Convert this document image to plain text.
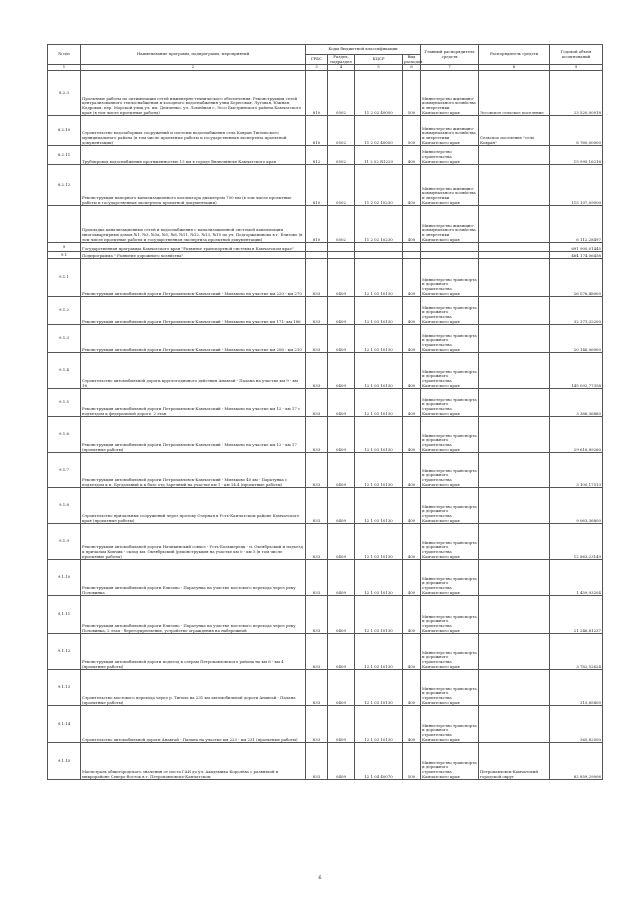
№ п/п	Наименование программ, подпрограмм, мероприятий	Коды бюджетной классификации				Главный распорядитель средств	Распорядитель средств	Годовой объем ассигнований
		ГРБС	Раздел, подраздел	КЦСР	Вид расходов			
1	2	3	4	5	6	7	8	9
8.2.3	Проектные работы по оптимизации сетей инженерно-технического обеспечения. Реконструкция сетей централизованного теплоснабжения и холодного водоснабжения улиц Береговая, Луговая, Южная, Кедровая, пер. Морской улиц ул. им. Демченко, ул. Ломейная с. Эссо Быстринского района Камчатского края (в том числе проектные работы)	810	0502	11 2 02 40050	500	Министерство жилищно-коммунального хозяйства и энергетики Камчатского края	Эссовское сельское поселение	23 520,00018
8.2.10	Строительство водозаборных сооружений и системы водоснабжения села Ковран Тигильского муниципального района (в том числе проектные работы и государственная экспертиза проектной документации)	810	0502	11 2 02 40050	500	Министерство жилищно-коммунального хозяйства и энергетики Камчатского края	Сельское поселение "село Ковран"	8 760,00000
8.2.11	Трубопровод водоснабжения протяженностью 13 км в городе Вилючинске Камчатского края	812	0502	11 2 02 R1220	400	Министерство строительства Камчатского края		15 995,16216
8.2.12	Реконструкция напорного канализационного коллектора диаметром 700 мм (в том числе проектные работы и государственная экспертиза проектной документации)	810	0502	11 2 02 10230	400	Министерство жилищно-коммунального хозяйства и энергетики Камчатского края		115 107,09000
	Прокладка канализационных сетей и водоснабжения с канализационной системой канализации многоквартирных домов №1, №3, №3а, №5, №8, №11, №12, №13, №15 по ул. Подгоржанинова в г. Елизово (в том числе проектные работы и государственная экспертиза проектной документации)	810	0502	11 2 02 10230	400	Министерство жилищно-коммунального хозяйства и энергетики Камчатского края		6 112,28497
9	Государственная программа Камчатского края "Развитие транспортной системы в Камчатском крае"							691 900,01445
9.1	Подпрограмма " Развитие дорожного хозяйства"							464 174,06458
9.1.1	Реконструкция автомобильной дороги Петропавловск-Камчатский - Мильково на участке км 220 - км 270	833	0409	12 1 03 10130	400	Министерство транспорта и дорожного строительства Камчатского края		26 076,48000
9.1.2	Реконструкция автомобильной дороги Петропавловск-Камчатский - Мильково на участке км 171- км 186	833	0409	12 1 03 10130	400	Министерство транспорта и дорожного строительства Камчатского края		32 371,32200
9.1.3	Реконструкция автомобильной дороги Петропавловск-Камчатский - Мильково на участке км 206 - км 210	833	0409	12 1 03 10130	400	Министерство транспорта и дорожного строительства Камчатского края		20 146,06900
9.1.4	Строительство автомобильной дороги круглогодичного действия Анавгай - Палана на участке км 9 - км 16	833	0409	12 1 03 10130	400	Министерство транспорта и дорожного строительства Камчатского края		145 002,77358
9.1.5	Реконструкция автомобильной дороги Петропавловск-Камчатский - Мильково на участке км 12 - км 17 с подъездом к федеральной дороге. 2 этап	833	0409	12 1 03 10130	400	Министерство транспорта и дорожного строительства Камчатского края		3 386,36860
9.1.6	Реконструкция автомобильной дороги Петропавловск-Камчатский - Мильково на участке км 12 - км 17 (проектные работы)	833	0409	12 1 03 10130	400	Министерство транспорта и дорожного строительства Камчатского края		29 616,89260
9.1.7	Реконструкция автомобильной дороги Петропавловск-Камчатский - Мильково 40 км - Паратунка с подъездом к п. Бугдальный и к базе отд Заречный на участке км 1 - км 14.4 (проектные работы)	833	0409	12 1 03 10130	400	Министерство транспорта и дорожного строительства Камчатского края		3 100,17513
9.1.8	Строительство причальных сооружений через протоку Озерная в Усть-Камчатском районе Камчатского края (проектные работы)	833	0409	12 1 03 10130	400	Министерство транспорта и дорожного строительства Камчатского края		9 063,36800
9.1.9	Реконструкция автомобильной дороги Начикинский совхоз - Усть-Большерецк - п. Октябрьский и подъезд к причалам Кихчик - склад км. Октябрьский (реконструкция на участке км 0 - км 5 (в том числе проектные работы)	833	0409	12 1 03 10130	400	Министерство транспорта и дорожного строительства Камчатского края		12 863,23149
9.1.10	Реконструкция автомобильной дороги Елизово - Паратунка на участке мостового перехода через реку Половинка	833	0409	12 1 03 10130	400	Министерство транспорта и дорожного строительства Камчатского края		1 459,93204
9.1.11	Реконструкция автомобильной дороги Елизово - Паратунка на участке мостового перехода через реку Половинка, 2 этап - берегоукрепление, устройство ограждения на набережной	833	0409	12 1 03 10130	400	Министерство транспорта и дорожного строительства Камчатского края		21 246,81237
9.1.12	Реконструкция автомобильной дороги подъезд к озерам Петропавловского района на км 6 - км 4 (проектные работы)	833	0409	12 1 03 10130	400	Министерство транспорта и дорожного строительства Камчатского края		3 782,52624
9.1.13	Строительство мостового перехода через р. Тигиль на 231 км автомобильной дороги Анавгай - Палана (проектные работы)	833	0409	12 1 03 10130	400	Министерство транспорта и дорожного строительства Камчатского края		315,85800
9.1.14	Строительство автомобильной дороги Анавгай - Палана на участке км 223 - км 231 (проектные работы)	833	0409	12 1 03 10130	400	Министерство транспорта и дорожного строительства Камчатского края		365,82500
9.1.15	Магистраль общегородского значения от поста ГАИ до ул. Академика Королёва с развязкой в микрорайоне Северо-Восток в г. Петропавловске-Камчатском	833	0409	12 1 04 40070	500	Министерство транспорта и дорожного строительства Камчатского края	Петропавловск-Камчатский городской округ	82 859,29006
6
